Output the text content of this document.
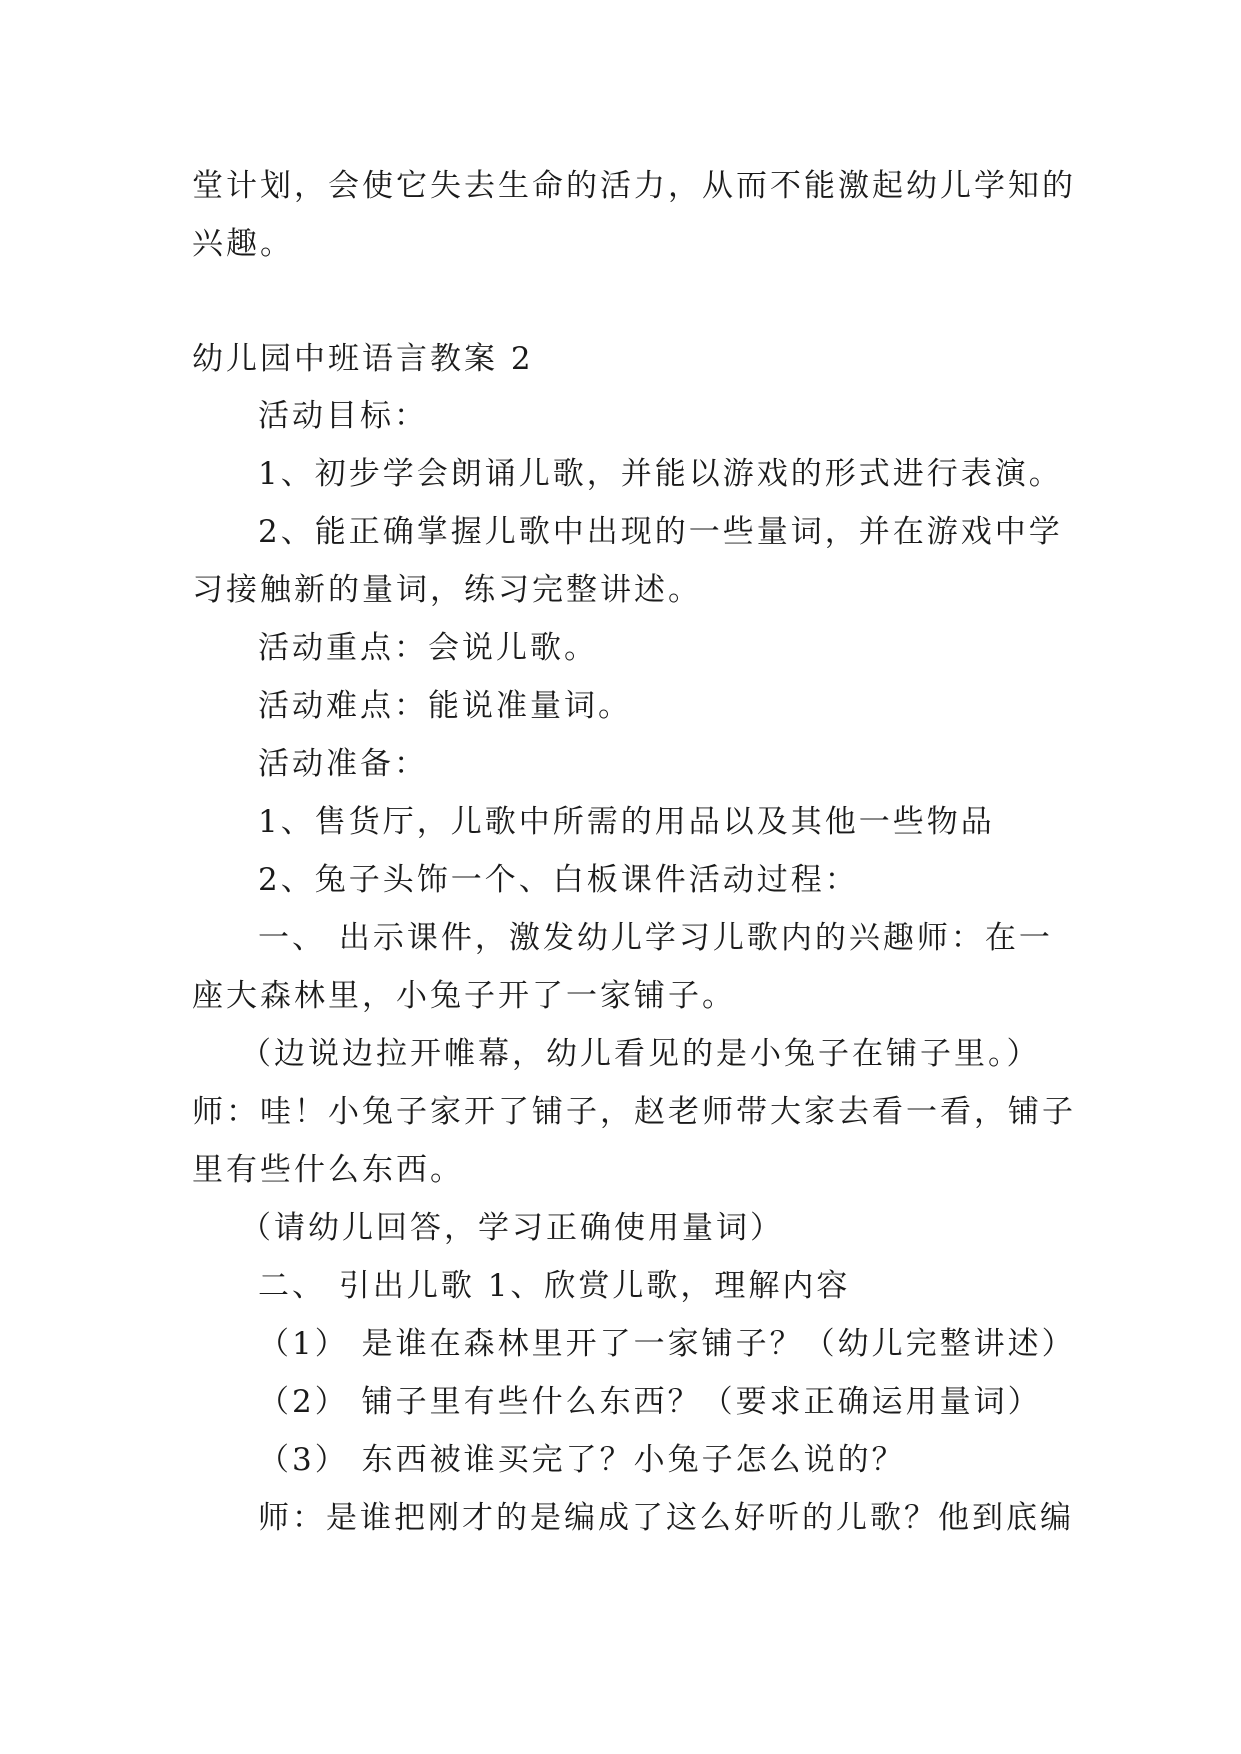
堂计划，会使它失去生命的活力，从而不能激起幼儿学知的

兴趣。

幼儿园中班语言教案 2

活动目标：

1、初步学会朗诵儿歌，并能以游戏的形式进行表演。

2、能正确掌握儿歌中出现的一些量词，并在游戏中学

习接触新的量词，练习完整讲述。

活动重点：会说儿歌。

活动难点：能说准量词。

活动准备：

1、售货厅，儿歌中所需的用品以及其他一些物品

2、兔子头饰一个、白板课件活动过程：

一、 出示课件，激发幼儿学习儿歌内的兴趣师：在一

座大森林里，小兔子开了一家铺子。

（边说边拉开帷幕，幼儿看见的是小兔子在铺子里。）

师：哇！小兔子家开了铺子，赵老师带大家去看一看，铺子

里有些什么东西。

（请幼儿回答，学习正确使用量词）

二、 引出儿歌 1、欣赏儿歌，理解内容

（1） 是谁在森林里开了一家铺子？（幼儿完整讲述）

（2） 铺子里有些什么东西？（要求正确运用量词）

（3） 东西被谁买完了？小兔子怎么说的？

师：是谁把刚才的是编成了这么好听的儿歌？他到底编
